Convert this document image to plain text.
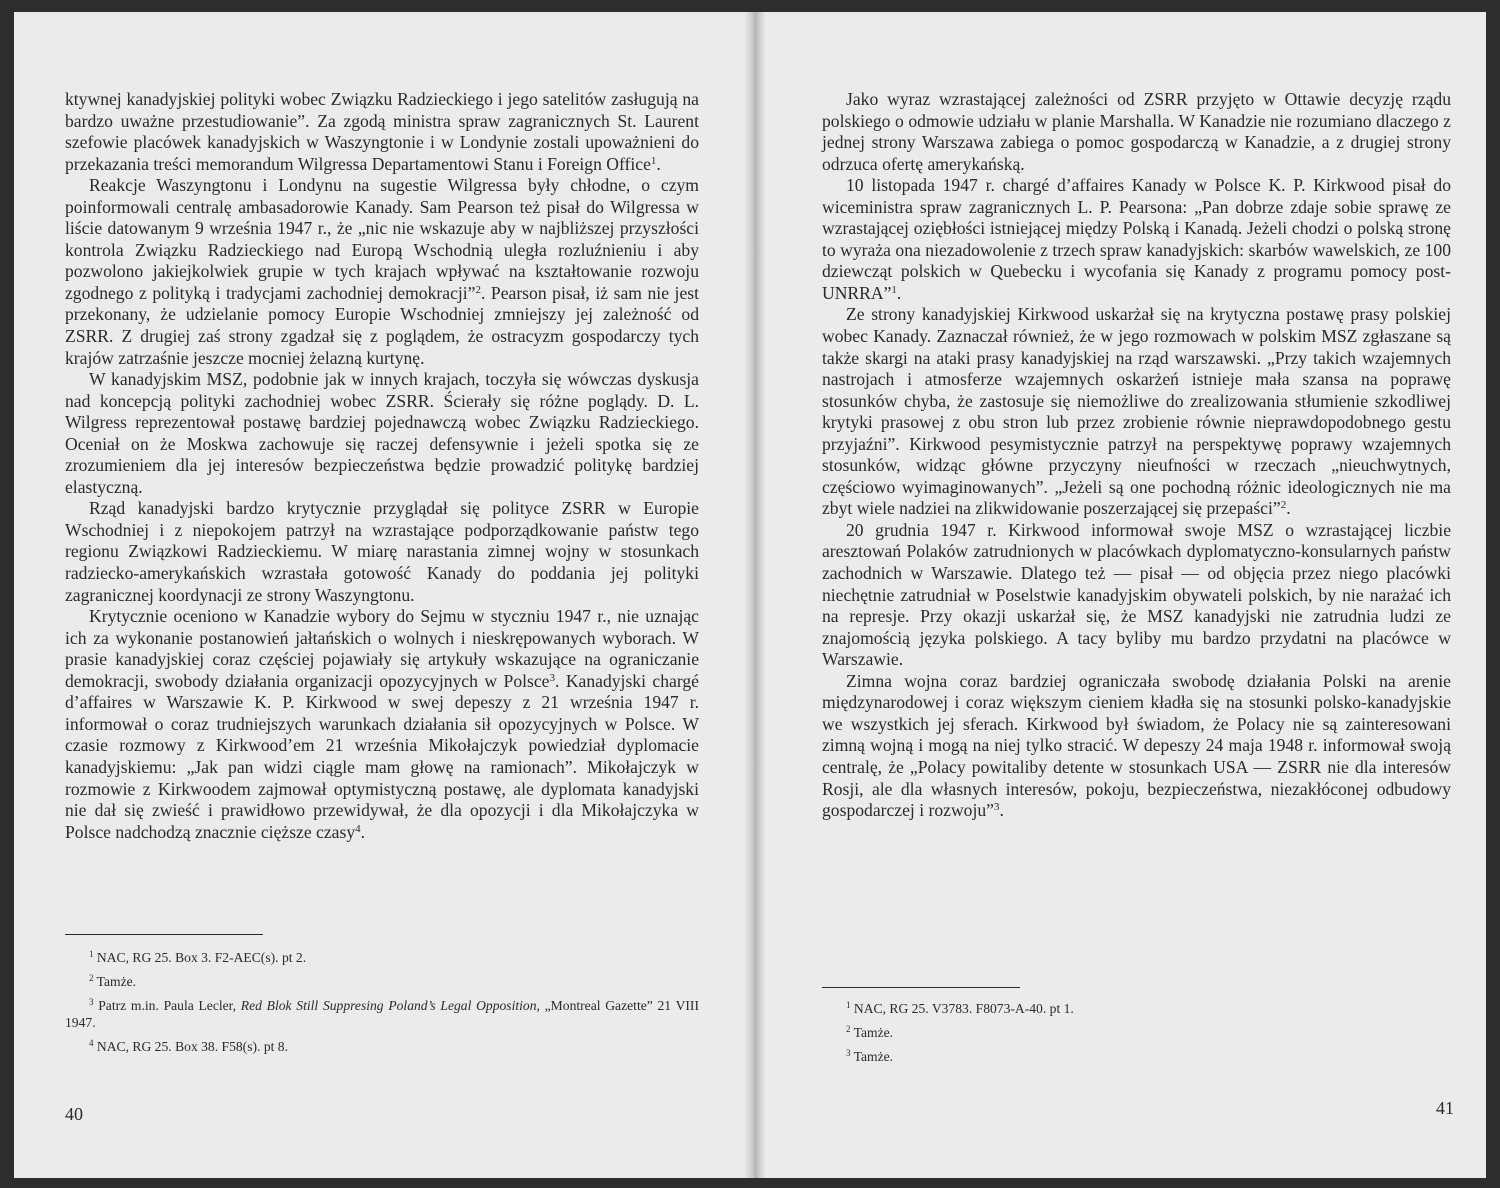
ktywnej kanadyjskiej polityki wobec Związku Radzieckiego i jego satelitów zasługują na bardzo uważne przestudiowanie”. Za zgodą ministra spraw zagranicznych St. Laurent szefowie placówek kanadyjskich w Waszyngtonie i w Londynie zostali upoważnieni do przekazania treści memorandum Wilgressa Departamentowi Stanu i Foreign Office$^1$.

Reakcje Waszyngtonu i Londynu na sugestie Wilgressa były chłodne, o czym poinformowali centralę ambasadorowie Kanady. Sam Pearson też pisał do Wilgressa w liście datowanym 9 września 1947 r., że „nic nie wskazuje aby w najbliższej przyszłości kontrola Związku Radzieckiego nad Europą Wschodnią uległa rozluźnieniu i aby pozwolono jakiejkolwiek grupie w tych krajach wpływać na kształtowanie rozwoju zgodnego z polityką i tradycjami zachodniej demokracji”$^2$. Pearson pisał, iż sam nie jest przekonany, że udzielanie pomocy Europie Wschodniej zmniejszy jej zależność od ZSRR. Z drugiej zaś strony zgadzał się z poglądem, że ostracyzm gospodarczy tych krajów zatrzaśnie jeszcze mocniej żelazną kurtynę.

W kanadyjskim MSZ, podobnie jak w innych krajach, toczyła się wówczas dyskusja nad koncepcją polityki zachodniej wobec ZSRR. Ścierały się różne poglądy. D. L. Wilgress reprezentował postawę bardziej pojednawczą wobec Związku Radzieckiego. Oceniał on że Moskwa zachowuje się raczej defensywnie i jeżeli spotka się ze zrozumieniem dla jej interesów bezpieczeństwa będzie prowadzić politykę bardziej elastyczną.

Rząd kanadyjski bardzo krytycznie przyglądał się polityce ZSRR w Europie Wschodniej i z niepokojem patrzył na wzrastające podporządkowanie państw tego regionu Związkowi Radzieckiemu. W miarę narastania zimnej wojny w stosunkach radziecko-amerykańskich wzrastała gotowość Kanady do poddania jej polityki zagranicznej koordynacji ze strony Waszyngtonu.

Krytycznie oceniono w Kanadzie wybory do Sejmu w styczniu 1947 r., nie uznając ich za wykonanie postanowień jałtańskich o wolnych i nieskrępowanych wyborach. W prasie kanadyjskiej coraz częściej pojawiały się artykuły wskazujące na ograniczanie demokracji, swobody działania organizacji opozycyjnych w Polsce$^3$. Kanadyjski chargé d’affaires w Warszawie K. P. Kirkwood w swej depeszy z 21 września 1947 r. informował o coraz trudniejszych warunkach działania sił opozycyjnych w Polsce. W czasie rozmowy z Kirkwood’em 21 września Mikołajczyk powiedział dyplomacie kanadyjskiemu: „Jak pan widzi ciągle mam głowę na ramionach”. Mikołajczyk w rozmowie z Kirkwoodem zajmował optymistyczną postawę, ale dyplomata kanadyjski nie dał się zwieść i prawidłowo przewidywał, że dla opozycji i dla Mikołajczyka w Polsce nadchodzą znacznie cięższe czasy$^4$.

$^1$ NAC, RG 25. Box 3. F2-AEC(s). pt 2.

$^2$ Tamże.

$^3$ Patrz m.in. Paula Lecler, Red Blok Still Suppresing Poland’s Legal Opposition, „Montreal Gazette” 21 VIII 1947.

$^4$ NAC, RG 25. Box 38. F58(s). pt 8.

40

Jako wyraz wzrastającej zależności od ZSRR przyjęto w Ottawie decyzję rządu polskiego o odmowie udziału w planie Marshalla. W Kanadzie nie rozumiano dlaczego z jednej strony Warszawa zabiega o pomoc gospodarczą w Kanadzie, a z drugiej strony odrzuca ofertę amerykańską.

10 listopada 1947 r. chargé d’affaires Kanady w Polsce K. P. Kirkwood pisał do wiceministra spraw zagranicznych L. P. Pearsona: „Pan dobrze zdaje sobie sprawę ze wzrastającej oziębłości istniejącej między Polską i Kanadą. Jeżeli chodzi o polską stronę to wyraża ona niezadowolenie z trzech spraw kanadyjskich: skarbów wawelskich, ze 100 dziewcząt polskich w Quebecku i wycofania się Kanady z programu pomocy post-UNRRA”$^1$.

Ze strony kanadyjskiej Kirkwood uskarżał się na krytyczna postawę prasy polskiej wobec Kanady. Zaznaczał również, że w jego rozmowach w polskim MSZ zgłaszane są także skargi na ataki prasy kanadyjskiej na rząd warszawski. „Przy takich wzajemnych nastrojach i atmosferze wzajemnych oskarżeń istnieje mała szansa na poprawę stosunków chyba, że zastosuje się niemożliwe do zrealizowania stłumienie szkodliwej krytyki prasowej z obu stron lub przez zrobienie równie nieprawdopodobnego gestu przyjaźni”. Kirkwood pesymistycznie patrzył na perspektywę poprawy wzajemnych stosunków, widząc główne przyczyny nieufności w rzeczach „nieuchwytnych, częściowo wyimaginowanych”. „Jeżeli są one pochodną różnic ideologicznych nie ma zbyt wiele nadziei na zlikwidowanie poszerzającej się przepaści”$^2$.

20 grudnia 1947 r. Kirkwood informował swoje MSZ o wzrastającej liczbie aresztowań Polaków zatrudnionych w placówkach dyplomatyczno-konsularnych państw zachodnich w Warszawie. Dlatego też — pisał — od objęcia przez niego placówki niechętnie zatrudniał w Poselstwie kanadyjskim obywateli polskich, by nie narażać ich na represje. Przy okazji uskarżał się, że MSZ kanadyjski nie zatrudnia ludzi ze znajomością języka polskiego. A tacy byliby mu bardzo przydatni na placówce w Warszawie.

Zimna wojna coraz bardziej ograniczała swobodę działania Polski na arenie międzynarodowej i coraz większym cieniem kładła się na stosunki polsko-kanadyjskie we wszystkich jej sferach. Kirkwood był świadom, że Polacy nie są zainteresowani zimną wojną i mogą na niej tylko stracić. W depeszy 24 maja 1948 r. informował swoją centralę, że „Polacy powitaliby detente w stosunkach USA — ZSRR nie dla interesów Rosji, ale dla własnych interesów, pokoju, bezpieczeństwa, niezakłóconej odbudowy gospodarczej i rozwoju”$^3$.

$^1$ NAC, RG 25. V3783. F8073-A-40. pt 1.

$^2$ Tamże.

$^3$ Tamże.

41
